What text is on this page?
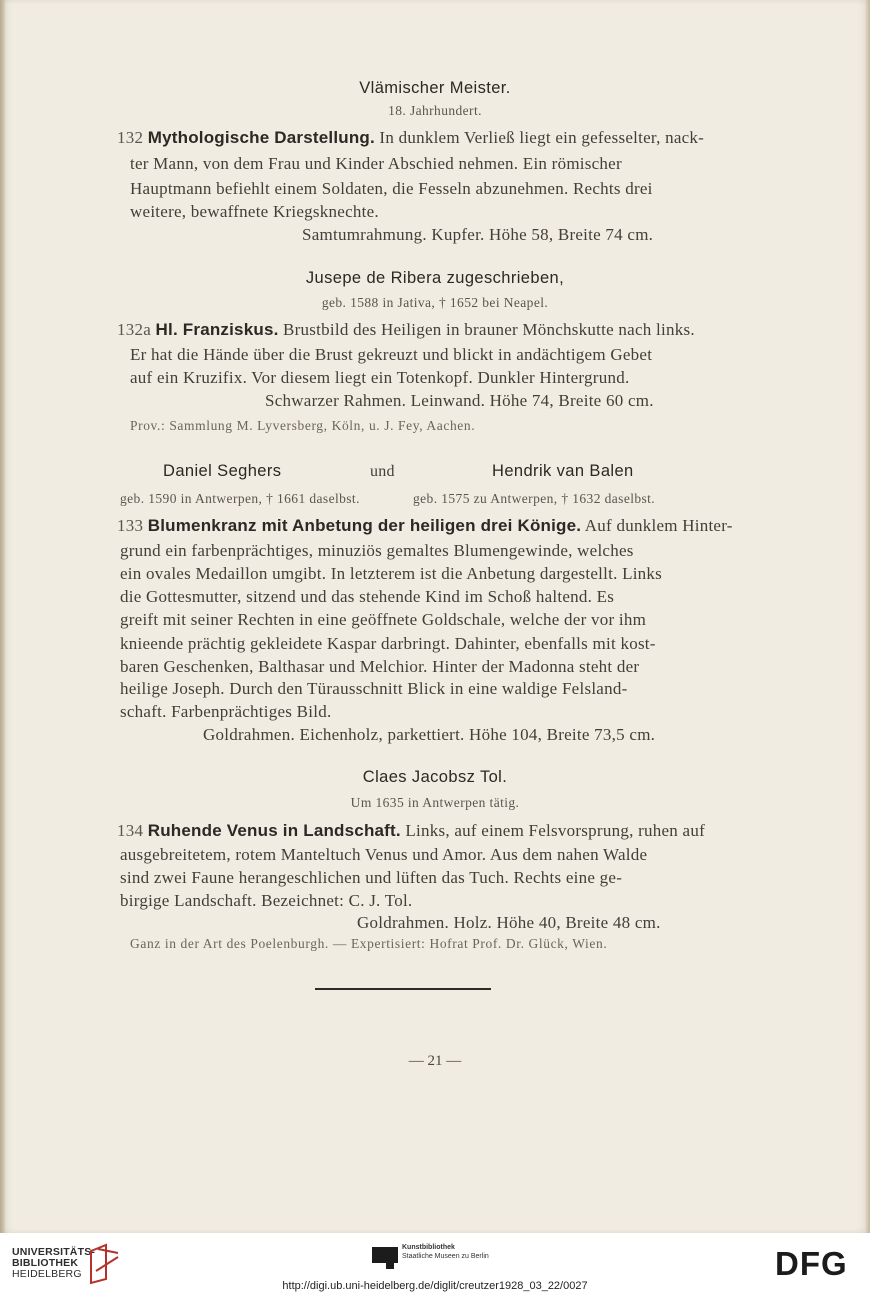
Vlämischer Meister.
18. Jahrhundert.
132 Mythologische Darstellung. In dunklem Verließ liegt ein gefesselter, nack-
ter Mann, von dem Frau und Kinder Abschied nehmen. Ein römischer
Hauptmann befiehlt einem Soldaten, die Fesseln abzunehmen. Rechts drei
weitere, bewaffnete Kriegsknechte.
Samtumrahmung. Kupfer. Höhe 58, Breite 74 cm.
Jusepe de Ribera zugeschrieben,
geb. 1588 in Jativa, † 1652 bei Neapel.
132a Hl. Franziskus. Brustbild des Heiligen in brauner Mönchskutte nach links.
Er hat die Hände über die Brust gekreuzt und blickt in andächtigem Gebet
auf ein Kruzifix. Vor diesem liegt ein Totenkopf. Dunkler Hintergrund.
Schwarzer Rahmen. Leinwand. Höhe 74, Breite 60 cm.
Prov.: Sammlung M. Lyversberg, Köln, u. J. Fey, Aachen.
Daniel Seghers	und	Hendrik van Balen
geb. 1590 in Antwerpen, † 1661 daselbst.	geb. 1575 zu Antwerpen, † 1632 daselbst.
133 Blumenkranz mit Anbetung der heiligen drei Könige. Auf dunklem Hinter-
grund ein farbenprächtiges, minuziös gemaltes Blumengewinde, welches
ein ovales Medaillon umgibt. In letzterem ist die Anbetung dargestellt. Links
die Gottesmutter, sitzend und das stehende Kind im Schoß haltend. Es
greift mit seiner Rechten in eine geöffnete Goldschale, welche der vor ihm
knieende prächtig gekleidete Kaspar darbringt. Dahinter, ebenfalls mit kost-
baren Geschenken, Balthasar und Melchior. Hinter der Madonna steht der
heilige Joseph. Durch den Türausschnitt Blick in eine waldige Felsland-
schaft. Farbenprächtiges Bild.
Goldrahmen. Eichenholz, parkettiert. Höhe 104, Breite 73,5 cm.
Claes Jacobsz Tol.
Um 1635 in Antwerpen tätig.
134 Ruhende Venus in Landschaft. Links, auf einem Felsvorsprung, ruhen auf
ausgebreitetem, rotem Manteltuch Venus und Amor. Aus dem nahen Walde
sind zwei Faune herangeschlichen und lüften das Tuch. Rechts eine ge-
birgige Landschaft. Bezeichnet: C. J. Tol.
Goldrahmen. Holz. Höhe 40, Breite 48 cm.
Ganz in der Art des Poelenburgh. — Expertisiert: Hofrat Prof. Dr. Glück, Wien.
— 21 —
UNIVERSITÄTS-
BIBLIOTHEK
HEIDELBERG
Kunstbibliothek
Staatliche Museen zu Berlin	DFG
http://digi.ub.uni-heidelberg.de/diglit/creutzer1928_03_22/0027
